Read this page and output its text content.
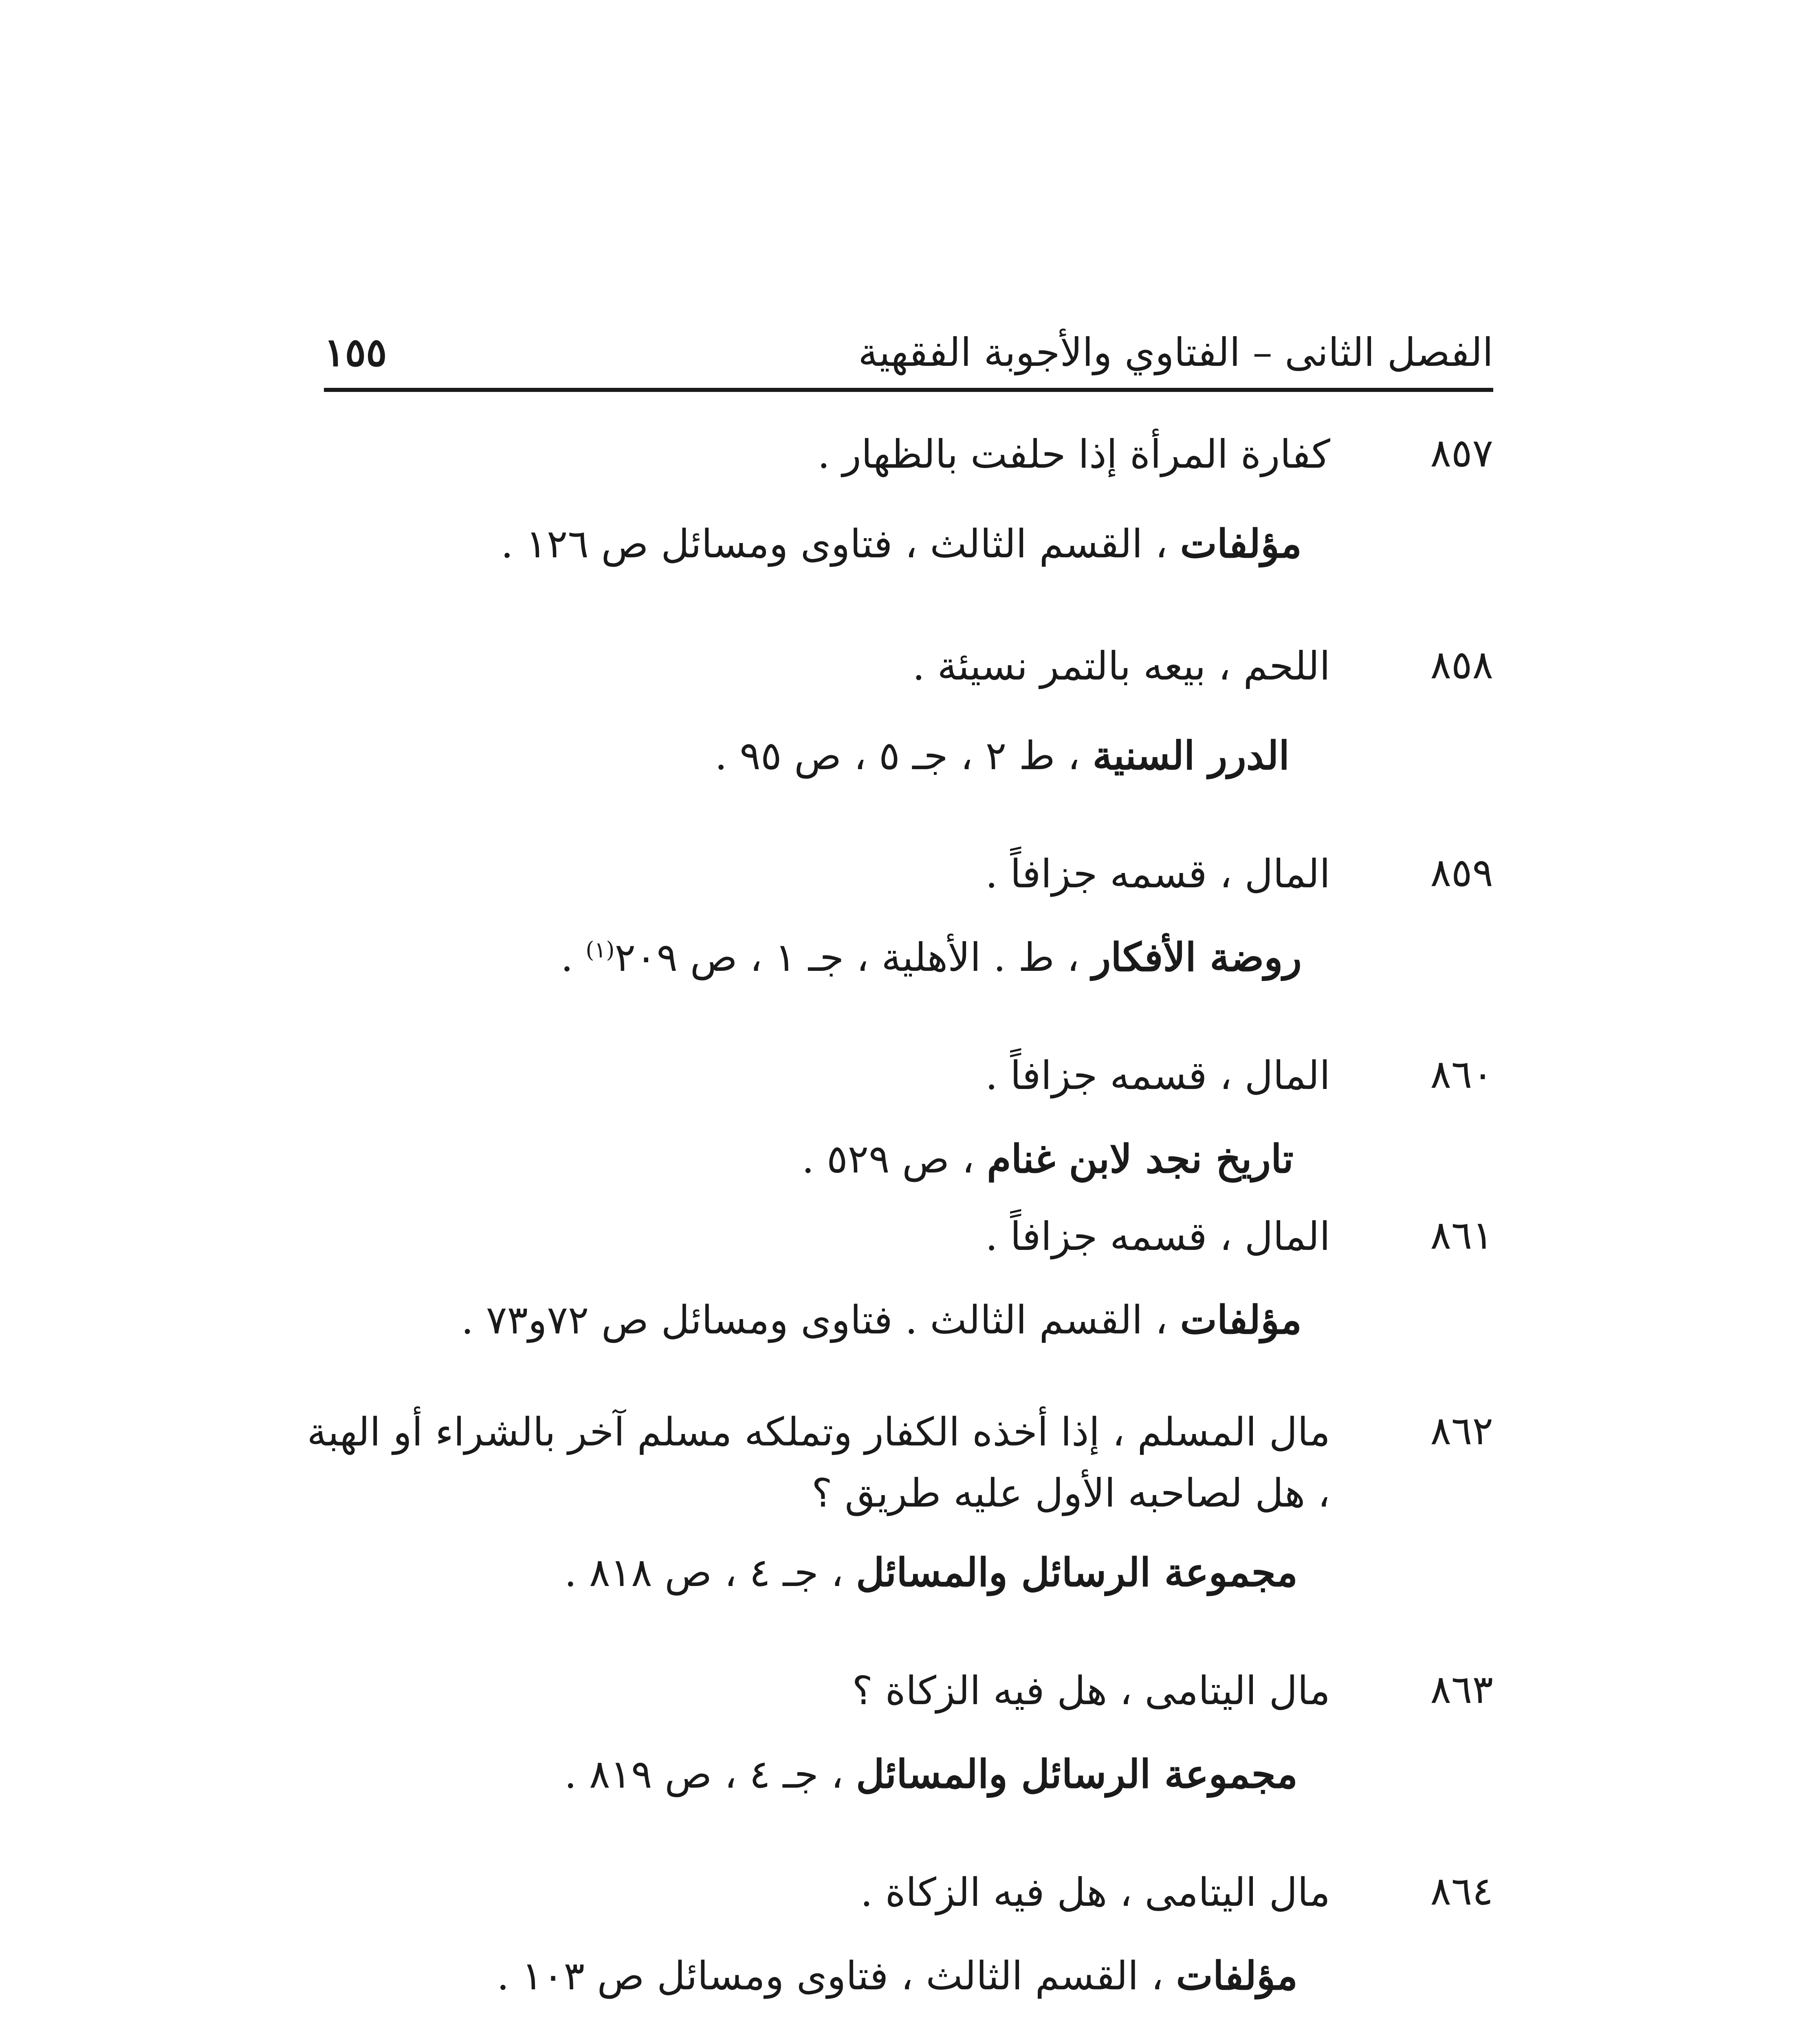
الفصل الثانى – الفتاوي والأجوبة الفقهية
١٥٥
٨٥٧
كفارة المرأة إذا حلفت بالظهار .
مؤلفات ، القسم الثالث ، فتاوى ومسائل ص ١٢٦ .
٨٥٨
اللحم ، بيعه بالتمر نسيئة .
الدرر السنية ، ط ٢ ، جـ ٥ ، ص ٩٥ .
٨٥٩
المال ، قسمه جزافاً .
روضة الأفكار ، ط . الأهلية ، جـ ١ ، ص ٢٠٩$^{(١)}$ .
٨٦٠
المال ، قسمه جزافاً .
تاريخ نجد لابن غنام ، ص ٥٢٩ .
٨٦١
المال ، قسمه جزافاً .
مؤلفات ، القسم الثالث . فتاوى ومسائل ص ٧٢و٧٣ .
٨٦٢
مال المسلم ، إذا أخذه الكفار وتملكه مسلم آخر بالشراء أو الهبة ، هل لصاحبه الأول عليه طريق ؟
مجموعة الرسائل والمسائل ، جـ ٤ ، ص ٨١٨ .
٨٦٣
مال اليتامى ، هل فيه الزكاة ؟
مجموعة الرسائل والمسائل ، جـ ٤ ، ص ٨١٩ .
٨٦٤
مال اليتامى ، هل فيه الزكاة .
مؤلفات ، القسم الثالث ، فتاوى ومسائل ص ١٠٣ .
